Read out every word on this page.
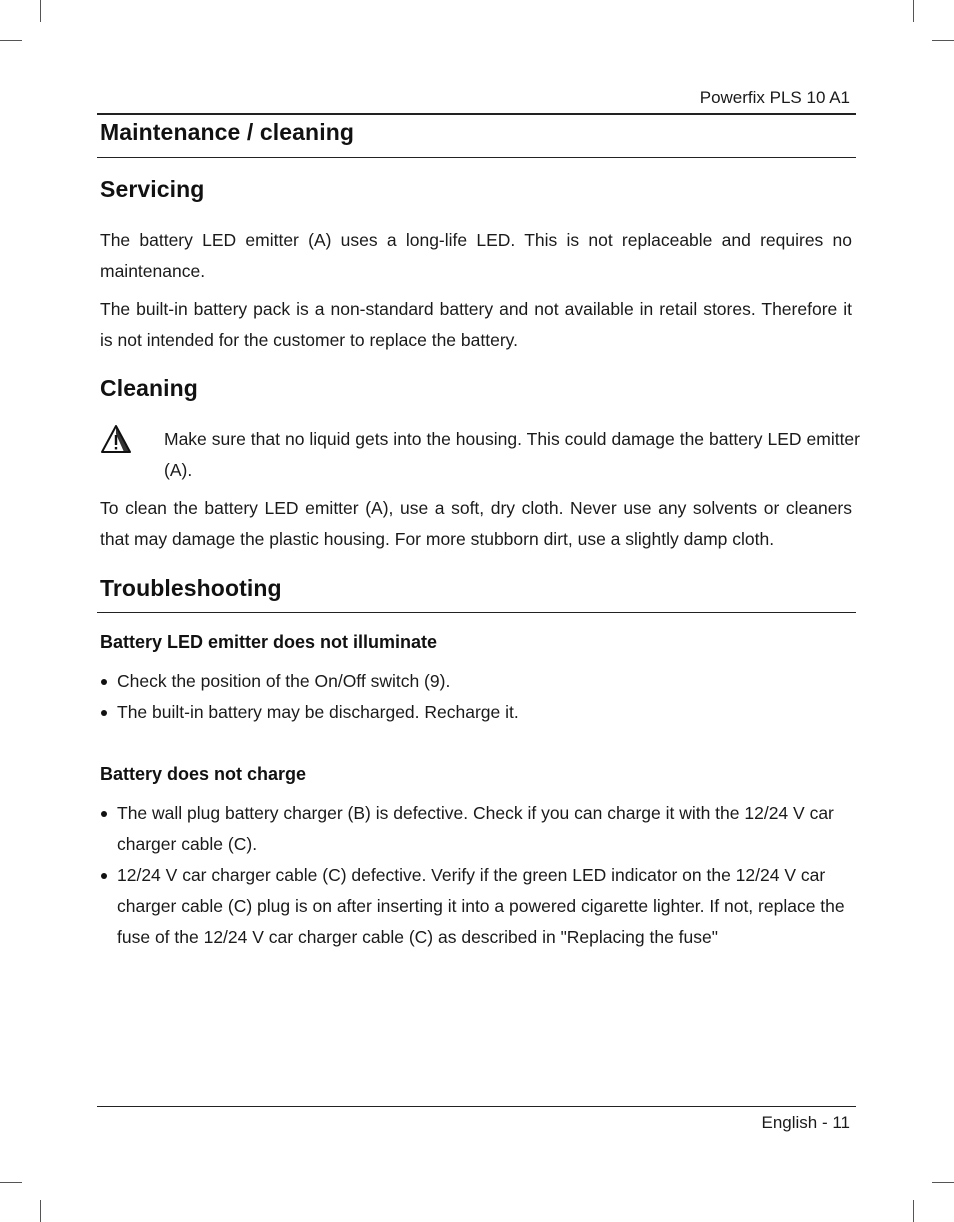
Powerfix PLS 10 A1
Maintenance / cleaning
Servicing

The battery LED emitter (A) uses a long-life LED. This is not replaceable and requires no maintenance.

The built-in battery pack is a non-standard battery and not available in retail stores. Therefore it is not intended for the customer to replace the battery.

Cleaning

Make sure that no liquid gets into the housing. This could damage the battery LED emitter (A).

To clean the battery LED emitter (A), use a soft, dry cloth. Never use any solvents or cleaners that may damage the plastic housing. For more stubborn dirt, use a slightly damp cloth.

Troubleshooting
Battery LED emitter does not illuminate
Check the position of the On/Off switch (9).
The built-in battery may be discharged. Recharge it.
Battery does not charge
The wall plug battery charger (B) is defective. Check if you can charge it with the 12/24 V car charger cable (C).
12/24 V car charger cable (C) defective. Verify if the green LED indicator on the 12/24 V car charger cable (C) plug is on after inserting it into a powered cigarette lighter. If not, replace the fuse of the 12/24 V car charger cable (C) as described in "Replacing the fuse"
English - 11
